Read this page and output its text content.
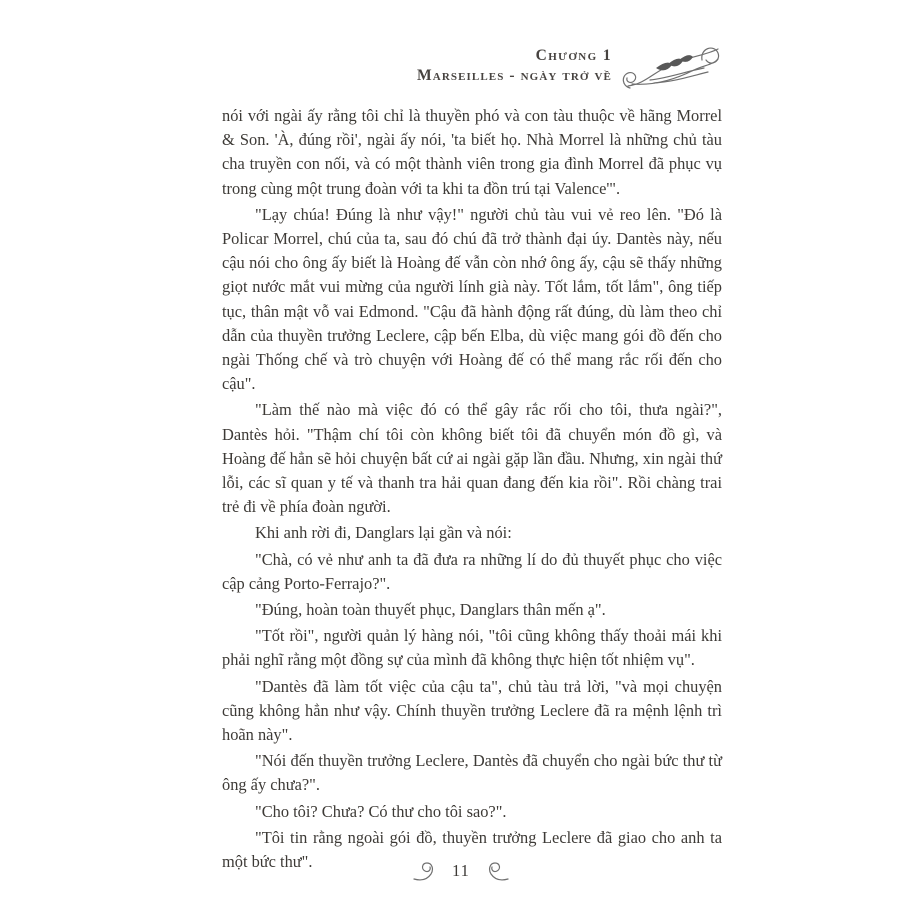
Chương 1
Marseilles - ngày trở về

nói với ngài ấy rằng tôi chỉ là thuyền phó và con tàu thuộc về hãng Morrel & Son. 'À, đúng rồi', ngài ấy nói, 'ta biết họ. Nhà Morrel là những chủ tàu cha truyền con nối, và có một thành viên trong gia đình Morrel đã phục vụ trong cùng một trung đoàn với ta khi ta đồn trú tại Valence'".

"Lạy chúa! Đúng là như vậy!" người chủ tàu vui vẻ reo lên. "Đó là Policar Morrel, chú của ta, sau đó chú đã trở thành đại úy. Dantès này, nếu cậu nói cho ông ấy biết là Hoàng đế vẫn còn nhớ ông ấy, cậu sẽ thấy những giọt nước mắt vui mừng của người lính già này. Tốt lắm, tốt lắm", ông tiếp tục, thân mật vỗ vai Edmond. "Cậu đã hành động rất đúng, dù làm theo chỉ dẫn của thuyền trưởng Leclere, cập bến Elba, dù việc mang gói đồ đến cho ngài Thống chế và trò chuyện với Hoàng đế có thể mang rắc rối đến cho cậu".

"Làm thế nào mà việc đó có thể gây rắc rối cho tôi, thưa ngài?", Dantès hỏi. "Thậm chí tôi còn không biết tôi đã chuyển món đồ gì, và Hoàng đế hẳn sẽ hỏi chuyện bất cứ ai ngài gặp lần đầu. Nhưng, xin ngài thứ lỗi, các sĩ quan y tế và thanh tra hải quan đang đến kia rồi". Rồi chàng trai trẻ đi về phía đoàn người.

Khi anh rời đi, Danglars lại gần và nói:

"Chà, có vẻ như anh ta đã đưa ra những lí do đủ thuyết phục cho việc cập cảng Porto-Ferrajo?".

"Đúng, hoàn toàn thuyết phục, Danglars thân mến ạ".

"Tốt rồi", người quản lý hàng nói, "tôi cũng không thấy thoải mái khi phải nghĩ rằng một đồng sự của mình đã không thực hiện tốt nhiệm vụ".

"Dantès đã làm tốt việc của cậu ta", chủ tàu trả lời, "và mọi chuyện cũng không hẳn như vậy. Chính thuyền trưởng Leclere đã ra mệnh lệnh trì hoãn này".

"Nói đến thuyền trưởng Leclere, Dantès đã chuyển cho ngài bức thư từ ông ấy chưa?".

"Cho tôi? Chưa? Có thư cho tôi sao?".

"Tôi tin rằng ngoài gói đồ, thuyền trưởng Leclere đã giao cho anh ta một bức thư".	11
